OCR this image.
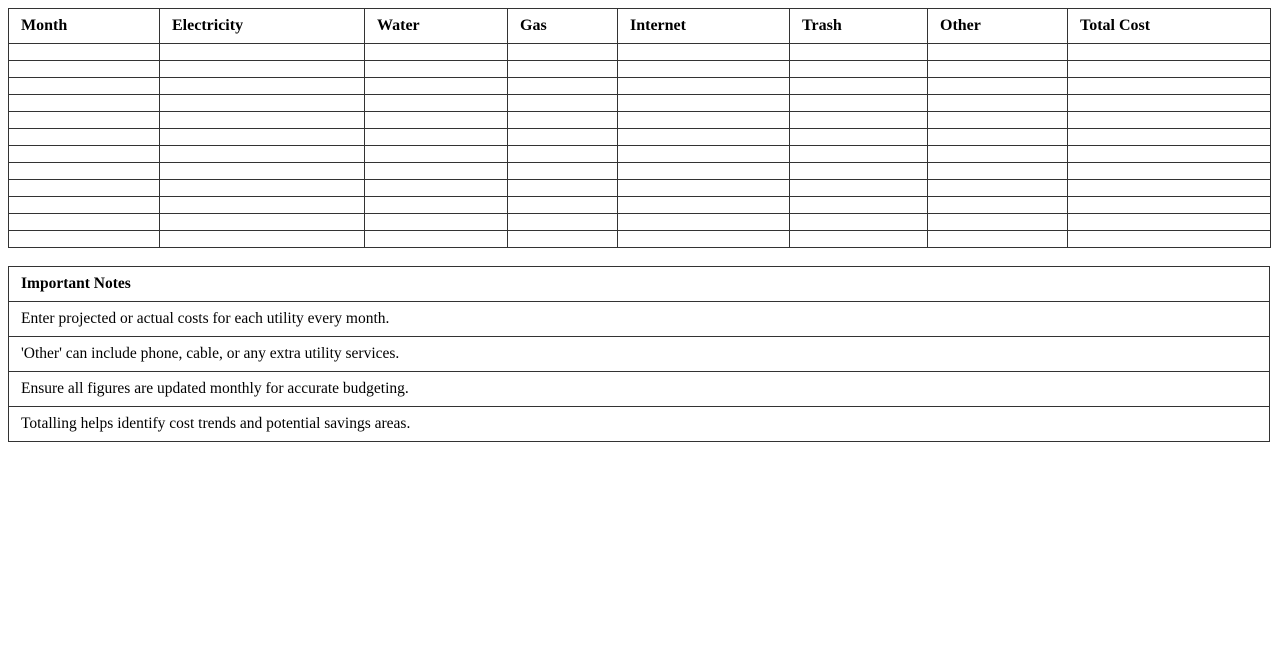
Month	Electricity	Water	Gas	Internet	Trash	Other	Total Cost

Important Notes
Enter projected or actual costs for each utility every month.
'Other' can include phone, cable, or any extra utility services.
Ensure all figures are updated monthly for accurate budgeting.
Totalling helps identify cost trends and potential savings areas.
